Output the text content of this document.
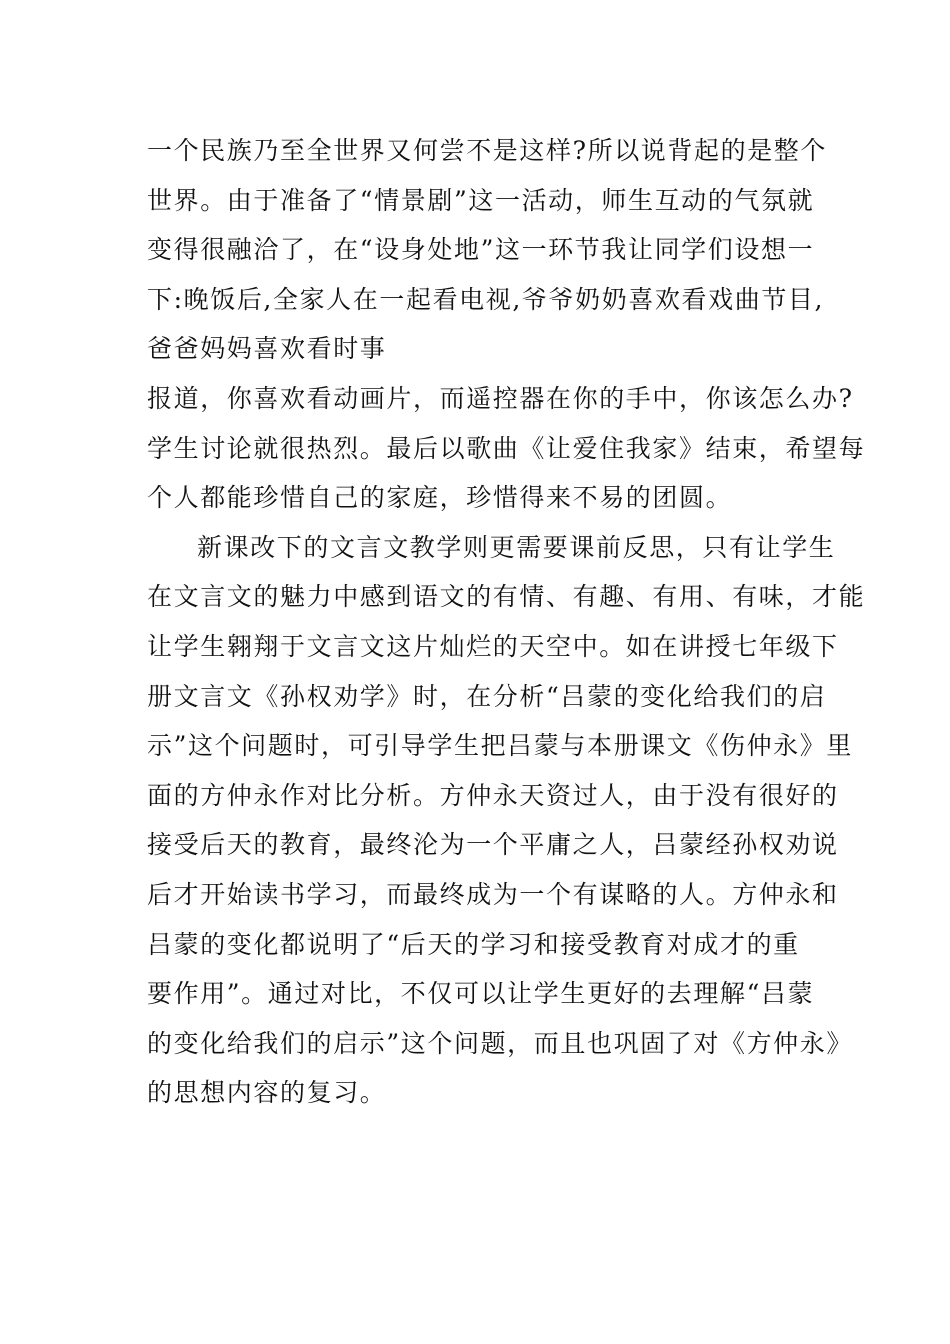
一个民族乃至全世界又何尝不是这样?所以说背起的是整个
世界。由于准备了“情景剧”这一活动，师生互动的气氛就
变得很融洽了，在“设身处地”这一环节我让同学们设想一
下:晚饭后,全家人在一起看电视,爷爷奶奶喜欢看戏曲节目,
爸爸妈妈喜欢看时事
报道，你喜欢看动画片，而遥控器在你的手中，你该怎么办?
学生讨论就很热烈。最后以歌曲《让爱住我家》结束，希望每
个人都能珍惜自己的家庭，珍惜得来不易的团圆。
新课改下的文言文教学则更需要课前反思，只有让学生
在文言文的魅力中感到语文的有情、有趣、有用、有味，才能
让学生翱翔于文言文这片灿烂的天空中。如在讲授七年级下
册文言文《孙权劝学》时，在分析“吕蒙的变化给我们的启
示”这个问题时，可引导学生把吕蒙与本册课文《伤仲永》里
面的方仲永作对比分析。方仲永天资过人，由于没有很好的
接受后天的教育，最终沦为一个平庸之人，吕蒙经孙权劝说
后才开始读书学习，而最终成为一个有谋略的人。方仲永和
吕蒙的变化都说明了“后天的学习和接受教育对成才的重
要作用”。通过对比，不仅可以让学生更好的去理解“吕蒙
的变化给我们的启示”这个问题，而且也巩固了对《方仲永》
的思想内容的复习。
